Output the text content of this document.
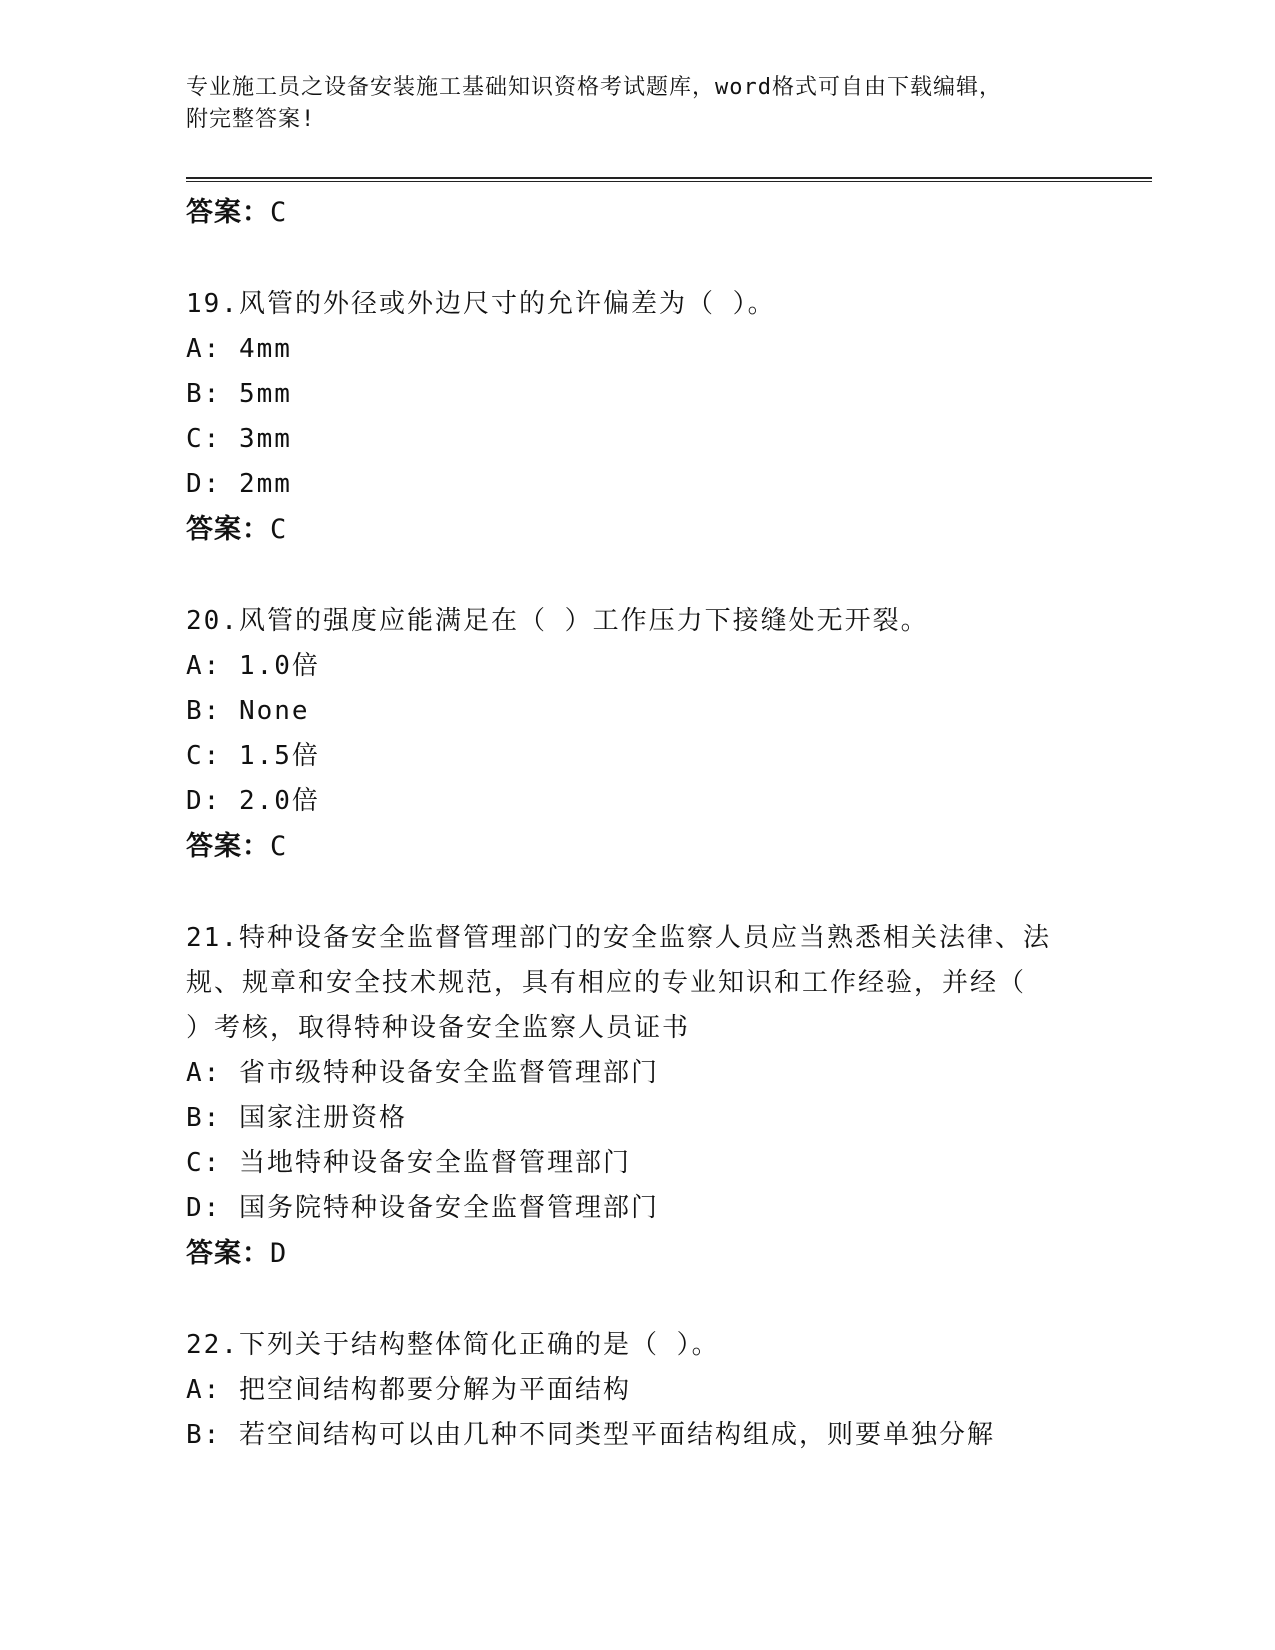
专业施工员之设备安装施工基础知识资格考试题库，word格式可自由下载编辑，
附完整答案!
答案：C
19.风管的外径或外边尺寸的允许偏差为（ ）。
A: 4mm
B: 5mm
C: 3mm
D: 2mm
答案：C
20.风管的强度应能满足在（ ）工作压力下接缝处无开裂。
A: 1.0倍
B: None
C: 1.5倍
D: 2.0倍
答案：C
21.特种设备安全监督管理部门的安全监察人员应当熟悉相关法律、法
规、规章和安全技术规范，具有相应的专业知识和工作经验，并经（
）考核，取得特种设备安全监察人员证书
A: 省市级特种设备安全监督管理部门
B: 国家注册资格
C: 当地特种设备安全监督管理部门
D: 国务院特种设备安全监督管理部门
答案：D
22.下列关于结构整体简化正确的是（ ）。
A: 把空间结构都要分解为平面结构
B: 若空间结构可以由几种不同类型平面结构组成，则要单独分解
